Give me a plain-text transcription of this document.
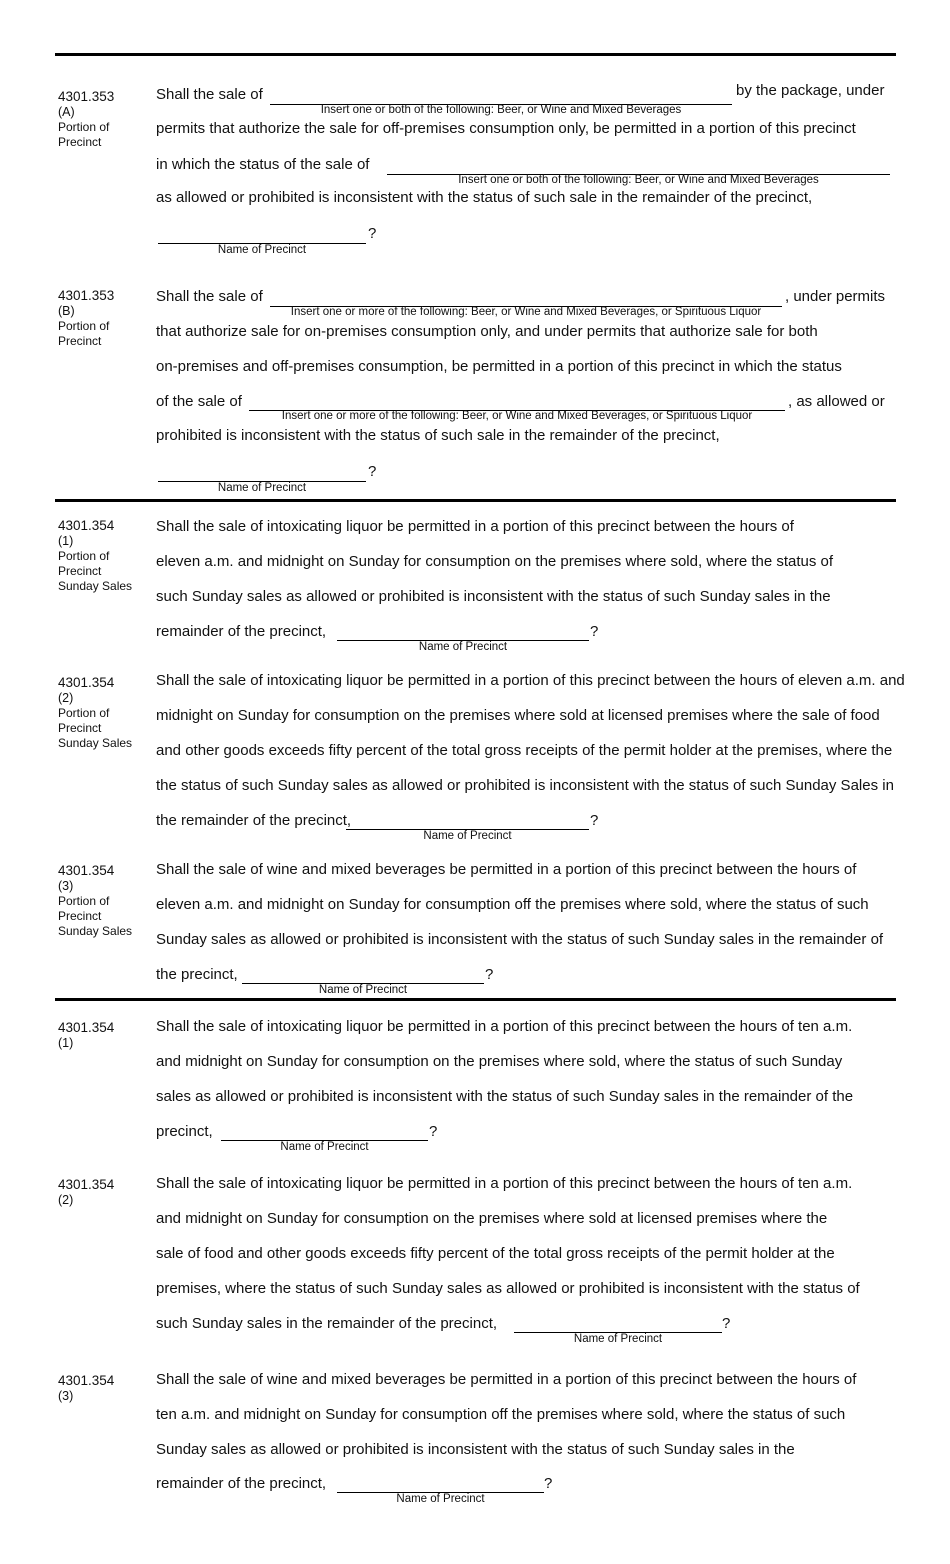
4301.353
(A)
Portion of
Precinct
Shall the sale of	by the package, under
Insert one or both of the following: Beer, or Wine and Mixed Beverages
permits that authorize the sale for off-premises consumption only, be permitted in a portion of this precinct
in which the status of the sale of
Insert one or both of the following: Beer, or Wine and Mixed Beverages
as allowed or prohibited is inconsistent with the status of such sale in the remainder of the precinct,
?
Name of Precinct
4301.353
(B)
Portion of
Precinct
Shall the sale of	, under permits
Insert one or more of the following: Beer, or Wine and Mixed Beverages, or Spirituous Liquor
that authorize sale for on-premises consumption only, and under permits that authorize sale for both
on-premises and off-premises consumption, be permitted in a portion of this precinct in which the status
of the sale of	, as allowed or
Insert one or more of the following: Beer, or Wine and Mixed Beverages, or Spirituous Liquor
prohibited is inconsistent with the status of such sale in the remainder of the precinct,
?
Name of Precinct
4301.354
(1)
Portion of
Precinct
Sunday Sales
Shall the sale of intoxicating liquor be permitted in a portion of this precinct between the hours of
eleven a.m. and midnight on Sunday for consumption on the premises where sold, where the status of
such Sunday sales as allowed or prohibited is inconsistent with the status of such Sunday sales in the
remainder of the precinct,	?
Name of Precinct
4301.354
(2)
Portion of
Precinct
Sunday Sales
Shall the sale of intoxicating liquor be permitted in a portion of this precinct between the hours of eleven a.m. and
midnight on Sunday for consumption on the premises where sold at licensed premises where the sale of food
and other goods exceeds fifty percent of the total gross receipts of the permit holder at the premises, where the
the status of such Sunday sales as allowed or prohibited is inconsistent with the status of such Sunday Sales in
the remainder of the precinct,	?
Name of Precinct
4301.354
(3)
Portion of
Precinct
Sunday Sales
Shall the sale of wine and mixed beverages be permitted in a portion of this precinct between the hours of
eleven a.m. and midnight on Sunday for consumption off the premises where sold, where the status of such
Sunday sales as allowed or prohibited is inconsistent with the status of such Sunday sales in the remainder of
the precinct,	?
Name of Precinct
4301.354
(1)
Shall the sale of intoxicating liquor be permitted in a portion of this precinct between the hours of ten a.m.
and midnight on Sunday for consumption on the premises where sold, where the status of such Sunday
sales as allowed or prohibited is inconsistent with the status of such Sunday sales in the remainder of the
precinct,	?
Name of Precinct
4301.354
(2)
Shall the sale of intoxicating liquor be permitted in a portion of this precinct between the hours of ten a.m.
and midnight on Sunday for consumption on the premises where sold at licensed premises where the
sale of food and other goods exceeds fifty percent of the total gross receipts of the permit holder at the
premises, where the status of such Sunday sales as allowed or prohibited is inconsistent with the status of
such Sunday sales in the remainder of the precinct,	?
Name of Precinct
4301.354
(3)
Shall the sale of wine and mixed beverages be permitted in a portion of this precinct between the hours of
ten a.m. and midnight on Sunday for consumption off the premises where sold, where the status of such
Sunday sales as allowed or prohibited is inconsistent with the status of such Sunday sales in the
remainder of the precinct,	?
Name of Precinct
